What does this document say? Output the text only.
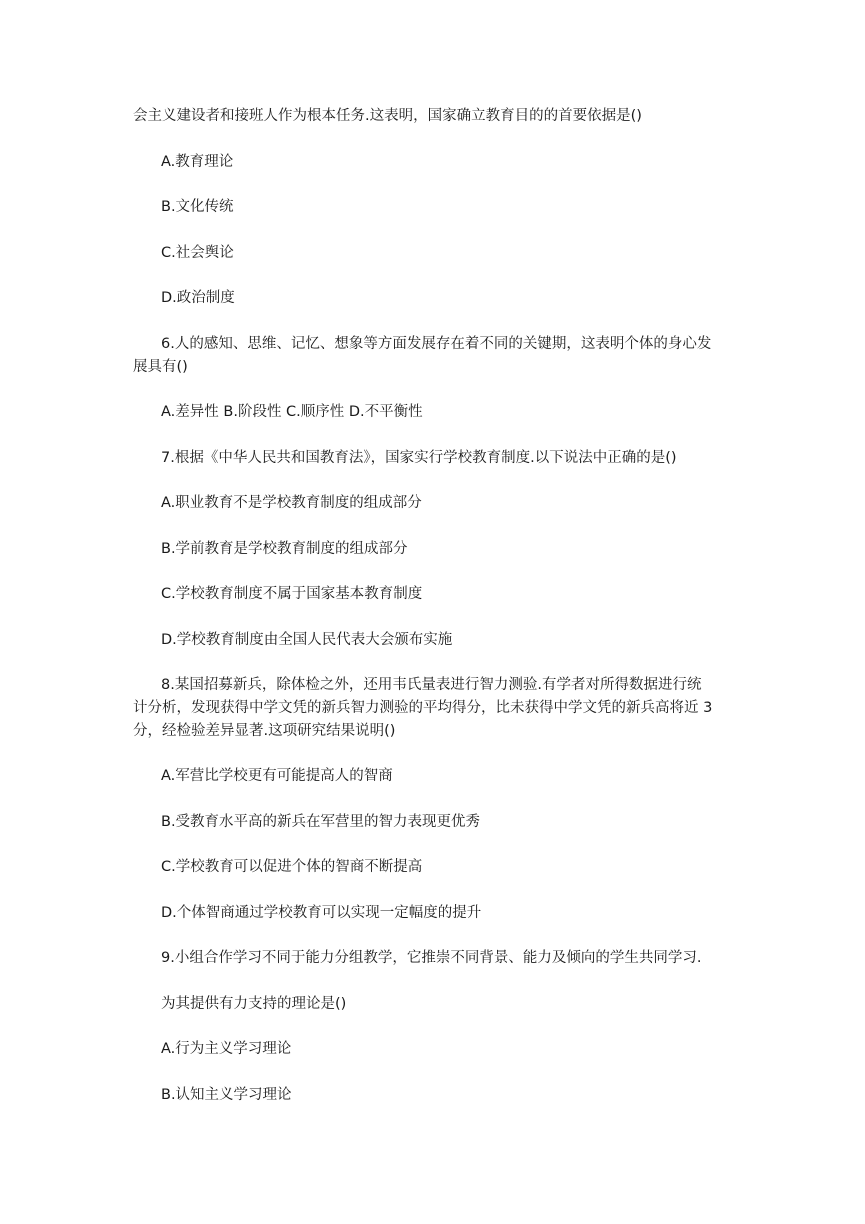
会主义建设者和接班人作为根本任务.这表明，国家确立教育目的的首要依据是()
A.教育理论
B.文化传统
C.社会舆论
D.政治制度
6.人的感知、思维、记忆、想象等方面发展存在着不同的关键期，这表明个体的身心发
展具有()
A.差异性 B.阶段性 C.顺序性 D.不平衡性
7.根据《中华人民共和国教育法》，国家实行学校教育制度.以下说法中正确的是()
A.职业教育不是学校教育制度的组成部分
B.学前教育是学校教育制度的组成部分
C.学校教育制度不属于国家基本教育制度
D.学校教育制度由全国人民代表大会颁布实施
8.某国招募新兵，除体检之外，还用韦氏量表进行智力测验.有学者对所得数据进行统
计分析，发现获得中学文凭的新兵智力测验的平均得分，比未获得中学文凭的新兵高将近 3
分，经检验差异显著.这项研究结果说明()
A.军营比学校更有可能提高人的智商
B.受教育水平高的新兵在军营里的智力表现更优秀
C.学校教育可以促进个体的智商不断提高
D.个体智商通过学校教育可以实现一定幅度的提升
9.小组合作学习不同于能力分组教学，它推崇不同背景、能力及倾向的学生共同学习.
为其提供有力支持的理论是()
A.行为主义学习理论
B.认知主义学习理论
